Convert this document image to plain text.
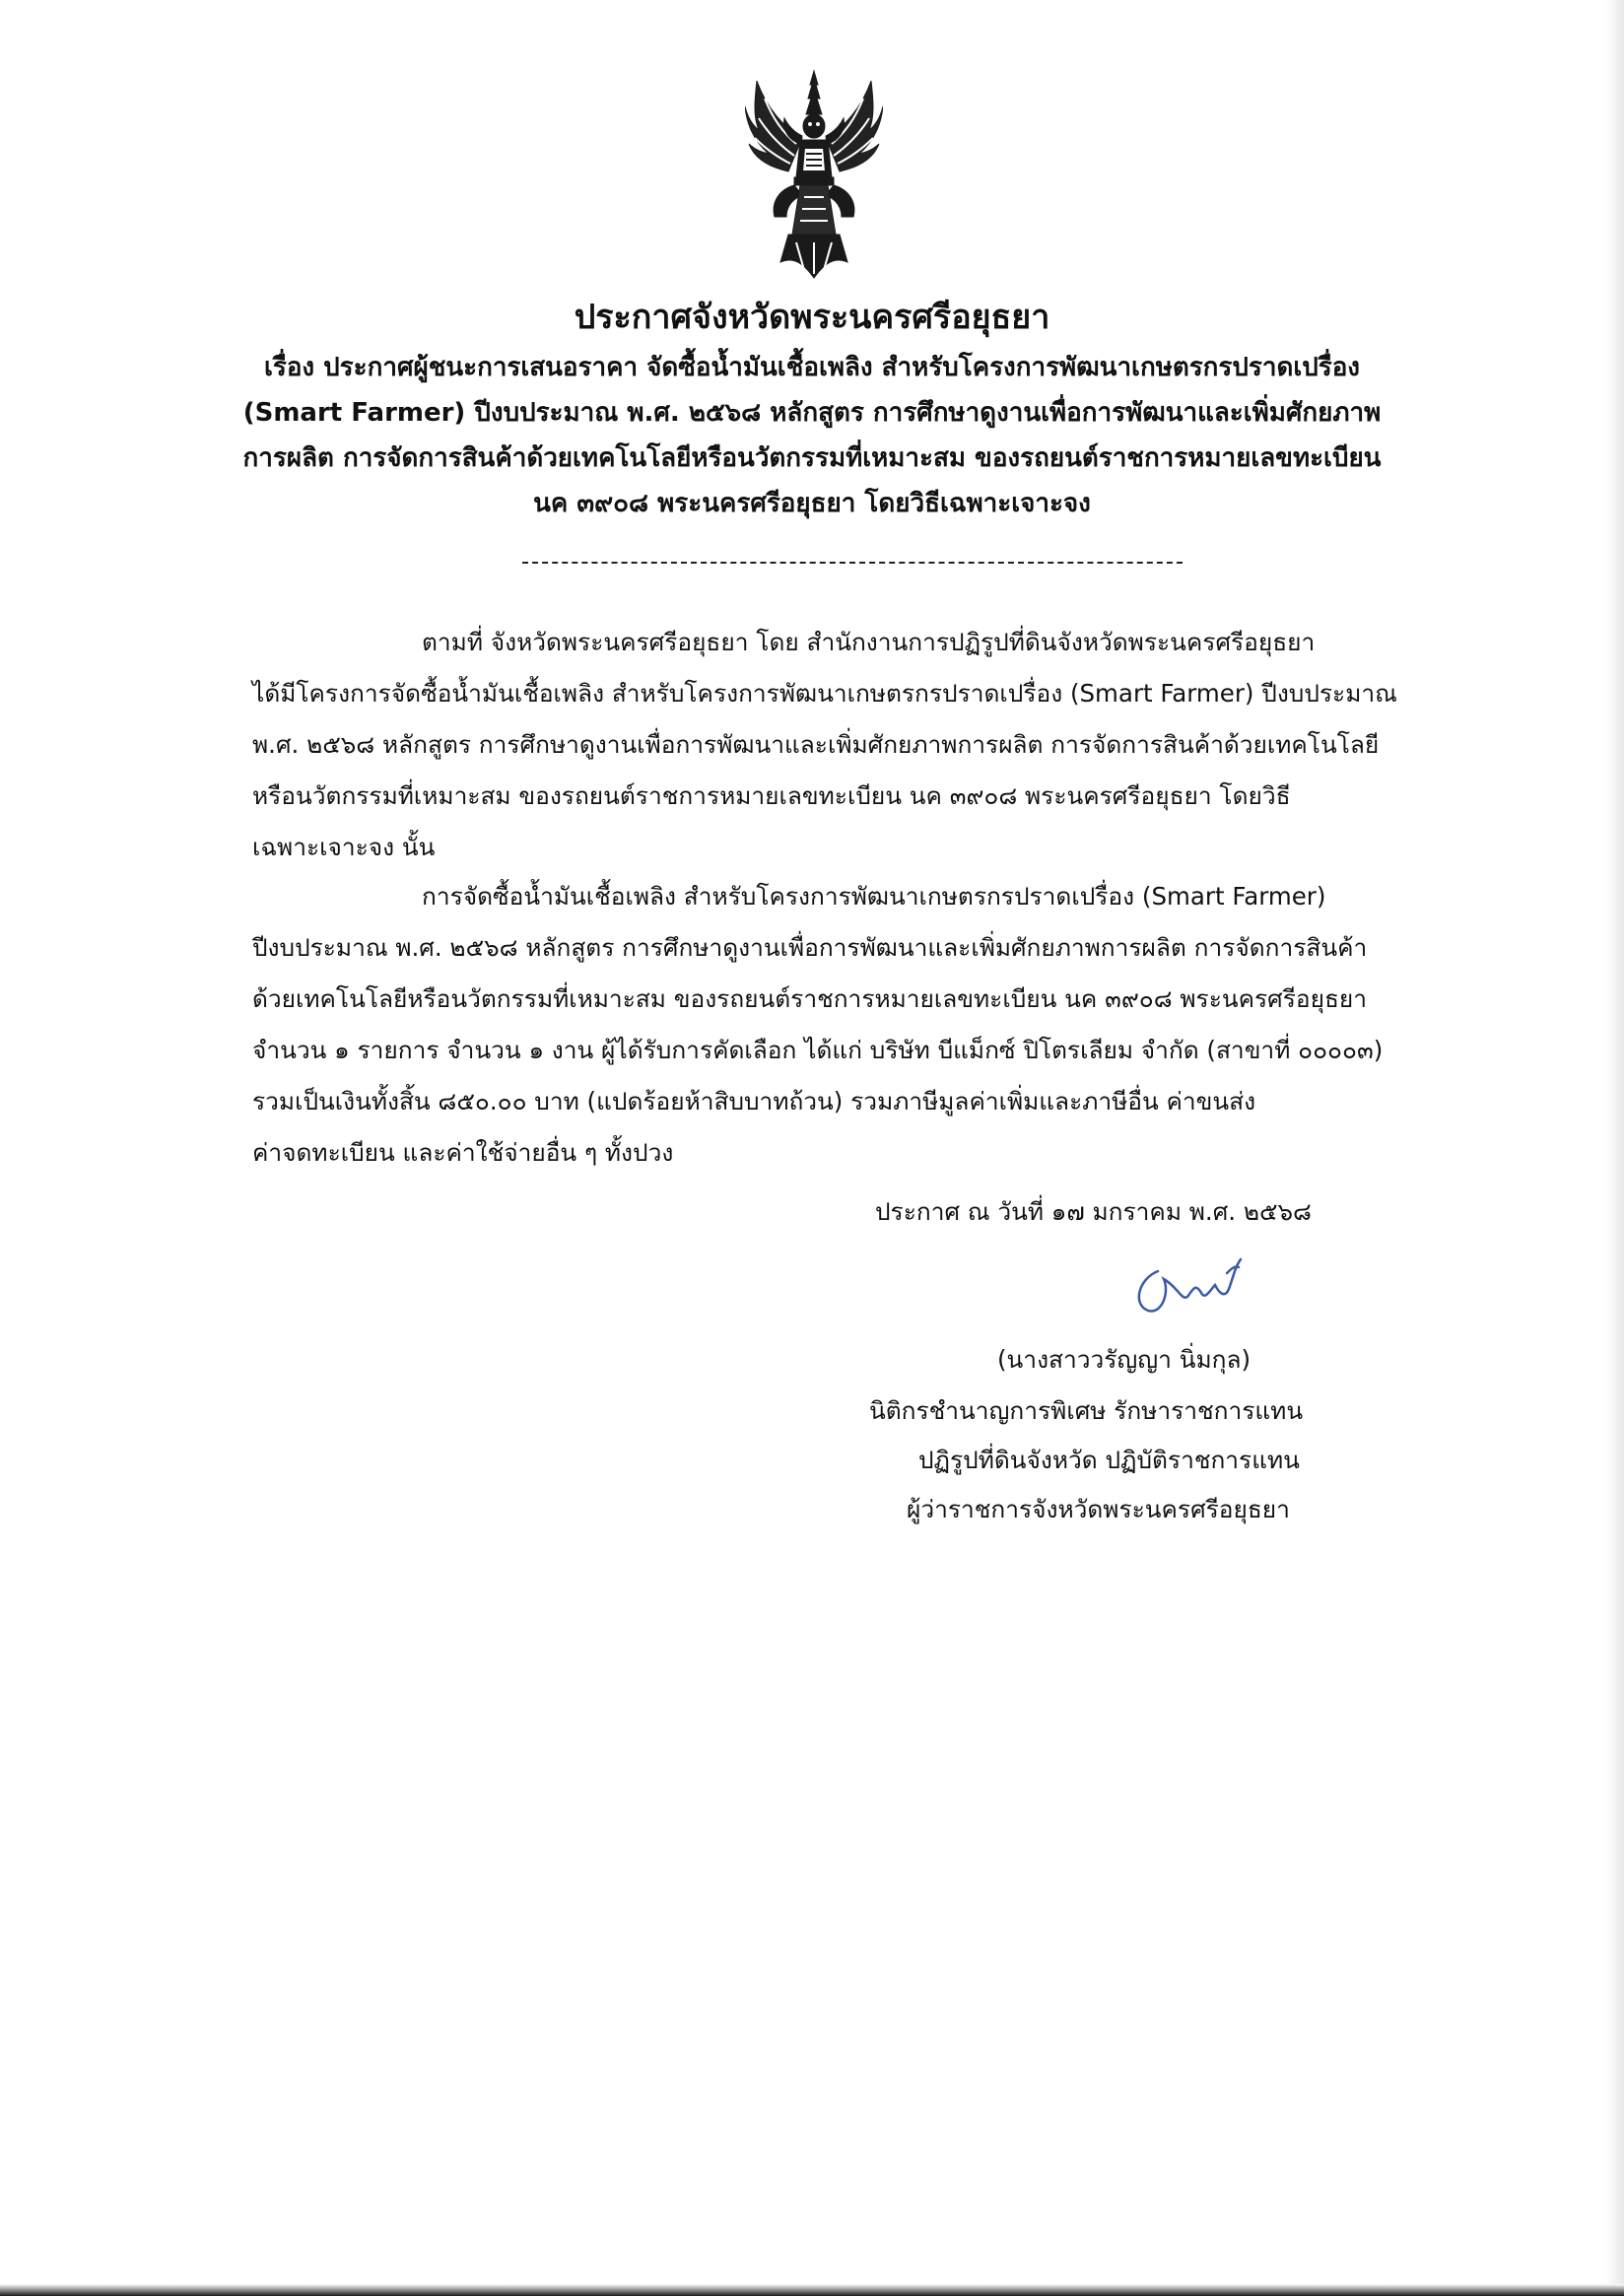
ประกาศจังหวัดพระนครศรีอยุธยา
เรื่อง ประกาศผู้ชนะการเสนอราคา จัดซื้อน้ำมันเชื้อเพลิง สำหรับโครงการพัฒนาเกษตรกรปราดเปรื่อง
(Smart Farmer) ปีงบประมาณ พ.ศ. ๒๕๖๘ หลักสูตร การศึกษาดูงานเพื่อการพัฒนาและเพิ่มศักยภาพ
การผลิต การจัดการสินค้าด้วยเทคโนโลยีหรือนวัตกรรมที่เหมาะสม ของรถยนต์ราชการหมายเลขทะเบียน
นค ๓๙๐๘ พระนครศรีอยุธยา โดยวิธีเฉพาะเจาะจง
ตามที่ จังหวัดพระนครศรีอยุธยา โดย สำนักงานการปฏิรูปที่ดินจังหวัดพระนครศรีอยุธยา
ได้มีโครงการจัดซื้อน้ำมันเชื้อเพลิง สำหรับโครงการพัฒนาเกษตรกรปราดเปรื่อง (Smart Farmer) ปีงบประมาณ
พ.ศ. ๒๕๖๘ หลักสูตร การศึกษาดูงานเพื่อการพัฒนาและเพิ่มศักยภาพการผลิต การจัดการสินค้าด้วยเทคโนโลยี
หรือนวัตกรรมที่เหมาะสม ของรถยนต์ราชการหมายเลขทะเบียน นค ๓๙๐๘ พระนครศรีอยุธยา โดยวิธี
เฉพาะเจาะจง นั้น
การจัดซื้อน้ำมันเชื้อเพลิง สำหรับโครงการพัฒนาเกษตรกรปราดเปรื่อง (Smart Farmer)
ปีงบประมาณ พ.ศ. ๒๕๖๘ หลักสูตร การศึกษาดูงานเพื่อการพัฒนาและเพิ่มศักยภาพการผลิต การจัดการสินค้า
ด้วยเทคโนโลยีหรือนวัตกรรมที่เหมาะสม ของรถยนต์ราชการหมายเลขทะเบียน นค ๓๙๐๘ พระนครศรีอยุธยา
จำนวน ๑ รายการ จำนวน ๑ งาน ผู้ได้รับการคัดเลือก ได้แก่ บริษัท บีแม็กซ์ ปิโตรเลียม จำกัด (สาขาที่ ๐๐๐๐๓)
รวมเป็นเงินทั้งสิ้น ๘๕๐.๐๐ บาท (แปดร้อยห้าสิบบาทถ้วน) รวมภาษีมูลค่าเพิ่มและภาษีอื่น ค่าขนส่ง
ค่าจดทะเบียน และค่าใช้จ่ายอื่น ๆ ทั้งปวง
ประกาศ ณ วันที่ ๑๗ มกราคม พ.ศ. ๒๕๖๘
(นางสาววรัญญา นิ่มกุล)
นิติกรชำนาญการพิเศษ รักษาราชการแทน
ปฏิรูปที่ดินจังหวัด ปฏิบัติราชการแทน
ผู้ว่าราชการจังหวัดพระนครศรีอยุธยา
